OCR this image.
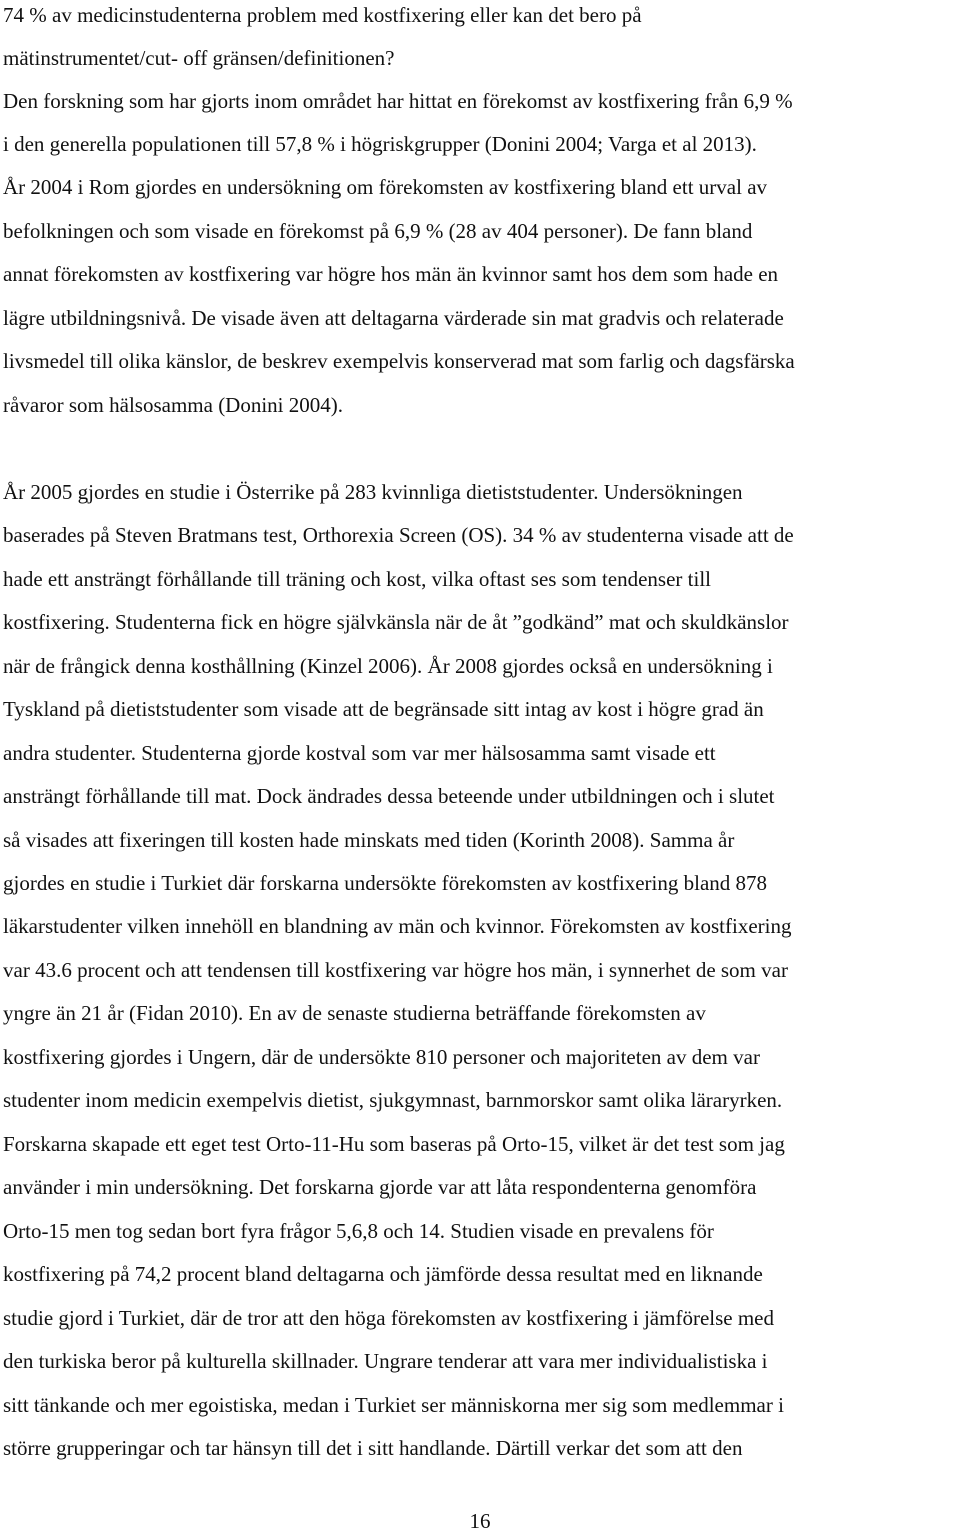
74 % av medicinstudenterna problem med kostfixering eller kan det bero på

mätinstrumentet/cut- off gränsen/definitionen?

Den forskning som har gjorts inom området har hittat en förekomst av kostfixering från 6,9 %

i den generella populationen till 57,8 % i högriskgrupper (Donini 2004; Varga et al 2013).

År 2004 i Rom gjordes en undersökning om förekomsten av kostfixering bland ett urval av

befolkningen och som visade en förekomst på 6,9 % (28 av 404 personer). De fann bland

annat förekomsten av kostfixering var högre hos män än kvinnor samt hos dem som hade en

lägre utbildningsnivå. De visade även att deltagarna värderade sin mat gradvis och relaterade

livsmedel till olika känslor, de beskrev exempelvis konserverad mat som farlig och dagsfärska

råvaror som hälsosamma (Donini 2004).

År 2005 gjordes en studie i Österrike på 283 kvinnliga dietiststudenter. Undersökningen

baserades på Steven Bratmans test, Orthorexia Screen (OS). 34 % av studenterna visade att de

hade ett ansträngt förhållande till träning och kost, vilka oftast ses som tendenser till

kostfixering. Studenterna fick en högre självkänsla när de åt ”godkänd” mat och skuldkänslor

när de frångick denna kosthållning (Kinzel 2006). År 2008 gjordes också en undersökning i

Tyskland på dietiststudenter som visade att de begränsade sitt intag av kost i högre grad än

andra studenter. Studenterna gjorde kostval som var mer hälsosamma samt visade ett

ansträngt förhållande till mat. Dock ändrades dessa beteende under utbildningen och i slutet

så visades att fixeringen till kosten hade minskats med tiden (Korinth 2008). Samma år

gjordes en studie i Turkiet där forskarna undersökte förekomsten av kostfixering bland 878

läkarstudenter vilken innehöll en blandning av män och kvinnor. Förekomsten av kostfixering

var 43.6 procent och att tendensen till kostfixering var högre hos män, i synnerhet de som var

yngre än 21 år (Fidan 2010). En av de senaste studierna beträffande förekomsten av

kostfixering gjordes i Ungern, där de undersökte 810 personer och majoriteten av dem var

studenter inom medicin exempelvis dietist, sjukgymnast, barnmorskor samt olika läraryrken.

Forskarna skapade ett eget test Orto-11-Hu som baseras på Orto-15, vilket är det test som jag

använder i min undersökning. Det forskarna gjorde var att låta respondenterna genomföra

Orto-15 men tog sedan bort fyra frågor 5,6,8 och 14. Studien visade en prevalens för

kostfixering på 74,2 procent bland deltagarna och jämförde dessa resultat med en liknande

studie gjord i Turkiet, där de tror att den höga förekomsten av kostfixering i jämförelse med

den turkiska beror på kulturella skillnader. Ungrare tenderar att vara mer individualistiska i

sitt tänkande och mer egoistiska, medan i Turkiet ser människorna mer sig som medlemmar i

större grupperingar och tar hänsyn till det i sitt handlande. Därtill verkar det som att den

16
